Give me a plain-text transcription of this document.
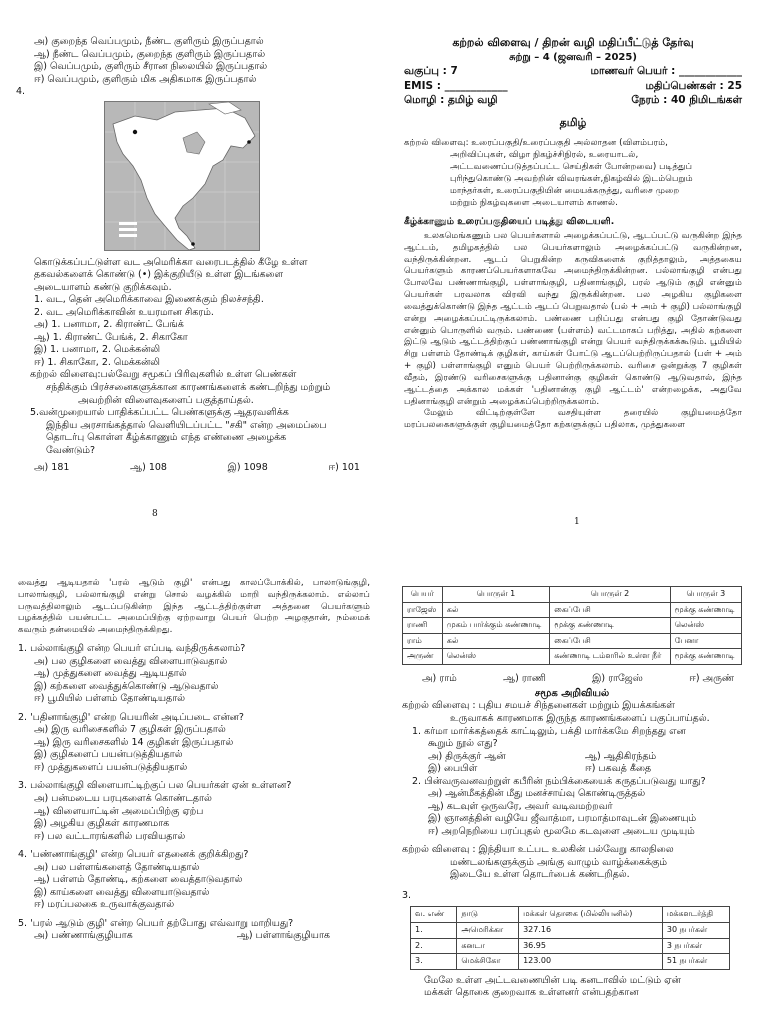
அ) குறைந்த வெப்பமும், நீண்ட குளிரும் இருப்பதால்
ஆ) நீண்ட வெப்பமும், குறைந்த குளிரும் இருப்பதால்
இ) வெப்பமும், குளிரும் சீரான நிலையில் இருப்பதால்
ஈ) வெப்பமும், குளிரும் மிக அதிகமாக இருப்பதால்
4.
கொடுக்கப்பட்டுள்ள வட அமெரிக்கா வரைபடத்தில் கீழே உள்ள
தகவல்களைக் கொண்டு (•) இக்குறியீடு உள்ள இடங்களை
அடையாளம் கண்டு குறிக்கவும்.
1. வட, தென் அமெரிக்காவை இணைக்கும் நிலச்சந்தி.
2. வட அமெரிக்காவின் உயரமான சிகரம்.
அ) 1. பனாமா, 2. கிராண்ட் பேங்க்
ஆ) 1. கிராண்ட் பேங்க், 2. சிகாகோ
இ) 1. பனாமா, 2. மெக்கன்லி
ஈ) 1. சிகாகோ, 2. மெக்கன்லி
கற்றல் விளைவு:பல்வேறு சமூகப் பிரிவுகளில் உள்ள பெண்கள்
சந்திக்கும் பிரச்சனைகளுக்கான காரணங்களைக் கண்டறிந்து மற்றும்
அவற்றின் விளைவுகளைப் பகுத்தாய்தல்.
5.வன்முறையால் பாதிக்கப்பட்ட பெண்களுக்கு ஆதரவளிக்க
இந்திய அரசாங்கத்தால் வெளியிடப்பட்ட "சகி" என்ற அமைப்பை
தொடர்பு கொள்ள கீழ்க்காணும் எந்த எண்ணை அழைக்க
வேண்டும்?
அ) 181	ஆ) 108	இ) 1098	ஈ) 101
8
கற்றல் விளைவு / திறன் வழி மதிப்பீட்டுத் தேர்வு
சுற்று – 4 (ஜனவரி – 2025)
வகுப்பு : 7	மாணவர் பெயர் : ____________
EMIS : ____________	மதிப்பெண்கள் : 25
மொழி : தமிழ் வழி	நேரம் : 40 நிமிடங்கள்
தமிழ்
கற்றல் விளைவு: உரைப்பகுதி/உரைப்பகுதி அல்லாதன (விளம்பரம்,
அறிவிப்புகள், விழா நிகழ்ச்சிநிரல், உரையாடல்,
அட்டவணைப்படுத்தப்பட்ட செய்திகள் போன்றவை) படித்துப்
புரிந்துகொண்டு அவற்றின் விவரங்கள்,நிகழ்வில் இடம்பெறும்
மாந்தர்கள், உரைப்பகுதியின் மையக்கருத்து, வரிசை முறை
மற்றும் நிகழ்வுகளை அடையாளம் காணல்.
கீழ்க்காணும் உரைப்பகுதியைப் படித்து விடையளி.
உலகமெங்கணும் பல பெயர்களால் அழைக்கப்பட்டு, ஆடப்பட்டு வருகின்ற இந்த ஆட்டம், தமிழகத்தில் பல பெயர்களாலும் அழைக்கப்பட்டு வருகின்றன, வந்திருக்கின்றன. ஆடப் பெறுகின்ற கருவிகளைக் குறித்தாலும், அத்தகைய பெயர்களும் காரணப்பெயர்களாகவே அமைந்திருக்கின்றன. பல்லாங்குழி என்பது போலவே பண்ணாங்குழி, பள்ளாங்குழி, பதினாங்குழி, பரல் ஆடும் குழி என்னும் பெயர்கள் பரவலாக விரவி வந்து இருக்கின்றன. பல அழகிய குழிகளை வைத்துக்கொண்டு இந்த ஆட்டம் ஆடப் பெறுவதால் (பல் + அம் + குழி) பல்லாங்குழி என்று அழைக்கப்பட்டிருக்கலாம். பண்ணை பறிப்பது என்பது குழி தோண்டுவது என்னும் பொருளில் வரும். பண்ணை (பள்ளம்) வட்டமாகப் பறித்து, அதில் கற்களை இட்டு ஆடும் ஆட்டத்திற்குப் பண்ணாங்குழி என்று பெயர் வந்திருக்கக்கூடும். பூமியில் சிறு பள்ளம் தோண்டிக் குழிகள், காய்கள் போட்டு ஆடப்பெற்றிருப்பதால் (பள் + அம் + குழி) பள்ளாங்குழி எனும் பெயர் பெற்றிருக்கலாம். வரிசை ஒன்றுக்கு 7 குழிகள் வீதம், இரண்டு வரிசைகளுக்கு பதினான்கு குழிகள் கொண்டு ஆடுவதால், இந்த ஆட்டத்தை அக்கால மக்கள் 'பதினான்கு குழி ஆட்டம்' என்றழைக்க, அதுவே பதினாங்குழி என்றும் அழைக்கப்பெற்றிருக்கலாம்.
மேலும் விட்டிற்குள்ளே வசதியுள்ள தரையில் குழியமைத்தோ மரப்பலகைகளுக்குள் குழியமைத்தோ கற்களுக்குப் பதிலாக, முத்துகளை
1
வைத்து ஆடியதால் 'பரல் ஆடும் குழி' என்பது காலப்போக்கில், பாலாடுங்குழி, பாலாங்குழி, பல்லாங்குழி என்று சொல் வழக்கில் மாறி வந்திருக்கலாம். எல்லாப் பருவத்திலாலும் ஆடப்படுகின்ற இந்த ஆட்டத்திற்குள்ள அத்தனை பெயர்களும் பழக்கத்தில் பயன்பட்ட அமைப்பிற்கு ஏற்றவாறு பெயர் பெற்ற அழகுதான், நம்மைக் கவரும் தன்மையில் அமைந்திருக்கிறது.
1. பல்லாங்குழி என்ற பெயர் எப்படி வந்திருக்கலாம்?
அ) பல குழிகளை வைத்து விளையாடுவதால்
ஆ) முத்துகளை வைத்து ஆடியதால்
இ) கற்களை வைத்துக்கொண்டு ஆடுவதால்
ஈ) பூமியில் பள்ளம் தோண்டியதால்
2. 'பதினாங்குழி' என்ற பெயரின் அடிப்படை என்ன?
அ) இரு வரிசைகளில் 7 குழிகள் இருப்பதால்
ஆ) இரு வரிசைகளில் 14 குழிகள் இருப்பதால்
இ) குழிகளைப் பயன்படுத்தியதால்
ஈ) முத்துகளைப் பயன்படுத்தியதால்
3. பல்லாங்குழி விளையாட்டிற்குப் பல பெயர்கள் ஏன் உள்ளன?
அ) பன்மடைய பரபுகளைக் கொண்டதால்
ஆ) விளையாட்டின் அமைப்பிற்கு ஏற்ப
இ) அழகிய குழிகள் காரணமாக
ஈ) பல வட்டாரங்களில் பரவியதால்
4. 'பண்ணாங்குழி' என்ற பெயர் எதனைக் குறிக்கிறது?
அ) பல பள்ளங்களைத் தோண்டியதால்
ஆ) பள்ளம் தோண்டி, கற்களை வைத்தாடுவதால்
இ) காய்களை வைத்து விளையாடுவதால்
ஈ) மரப்பலகை உருவாக்குவதால்
5. 'பரல் ஆடும் குழி' என்ற பெயர் தற்போது எவ்வாறு மாறியது?
அ) பண்ணாங்குழியாக	ஆ) பள்ளாங்குழியாக
பெயர்	பொருள் 1	பொருள் 2	பொருள் 3
ராஜேஸ்	கல்	கைப்பேசி	மூக்கு கண்ணாடி
ராணி	முகம் பார்க்கும் கண்ணாடி	மூக்கு கண்ணாடி	லென்ஸ்
ராம்	கல்	கைப்பேசி	பேனா
அருண்	லென்ஸ்	கண்ணாடி டம்ளரில் உள்ள நீர்	மூக்கு கண்ணாடி
அ) ராம்	ஆ) ராணி	இ) ராஜேஸ்	ஈ) அருண்
சமூக அறிவியல்
கற்றல் விளைவு : புதிய சமயச் சிந்தனைகள் மற்றும் இயக்கங்கள்
உருவாகக் காரணமாக இருந்த காரணங்களைப் பகுப்பாய்தல்.
1. கர்மா மார்க்கத்தைக் காட்டிலும், பக்தி மார்க்கமே சிறந்தது என
கூறும் நூல் எது?
அ) திருக்குர் ஆன்	ஆ) ஆதிகிரந்தம்
இ) பைபிள்	ஈ) பகவத் கீதை
2. பின்வருவனவற்றுள் கபீரின் நம்பிக்கையைக் கருதப்படுவது யாது?
அ) ஆன்மீகத்தின் மீது மனச்சாய்வு கொண்டிருத்தல்
ஆ) கடவுள் ஒருவரே, அவர் வடிவமற்றவர்
இ) ஞானத்தின் வழியே ஜீவாத்மா, பரமாத்மாவுடன் இணையும்
ஈ) அறநெறியை பரப்புதல் மூலமே கடவுளை அடைய முடியும்
கற்றல் விளைவு : இந்தியா உட்பட உலகின் பல்வேறு காலநிலை
மண்டலங்களுக்கும் அங்கு வாழும் வாழ்க்கைக்கும்
இடையே உள்ள தொடர்பைக் கண்டறிதல்.
3.
வ. எண்	நாடு	மக்கள் தொகை (மில்லியனில்)	மக்களடர்த்தி
1.	அமெரிக்கா	327.16	30 நபர்கள்
2.	கனடா	36.95	3 நபர்கள்
3.	மெக்சிகோ	123.00	51 நபர்கள்
மேலே உள்ள அட்டவணையின் படி கனடாவில் மட்டும் ஏன்
மக்கள் தொகை குறைவாக உள்ளனர் என்பதற்கான
